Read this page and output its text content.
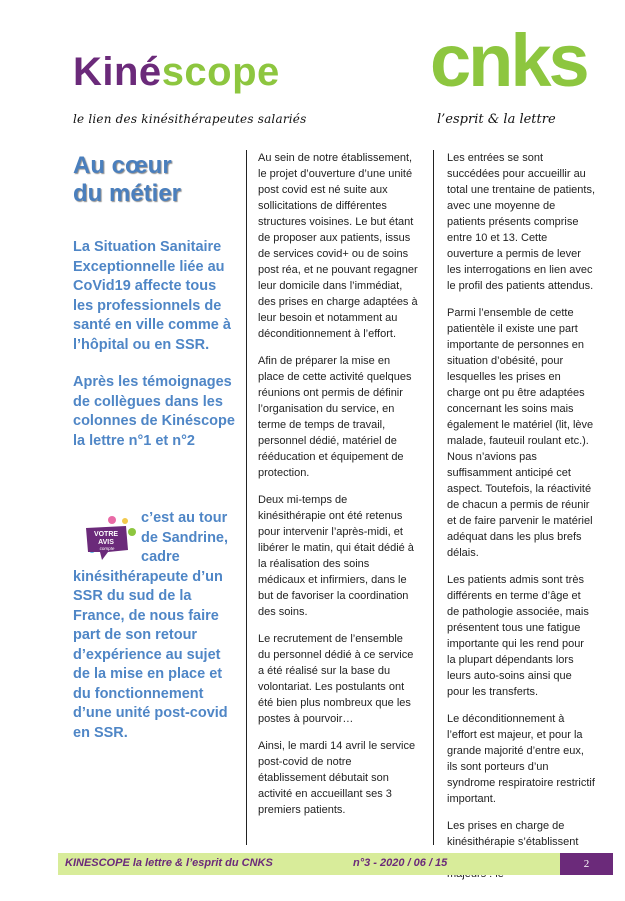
Kinéscope
le lien des kinésithérapeutes salariés
cnks
l’esprit & la lettre
Au cœur
du métier

La Situation Sanitaire Exceptionnelle liée au CoVid19 affecte tous les professionnels de santé en ville comme à l’hôpital ou en SSR.

Après les témoignages de collègues dans les colonnes de Kinéscope la lettre n°1 et n°2

VOTRE
AVIS
compte
c’est au tour
de Sandrine,
cadre
kinésithérapeute d’un SSR du sud de la France, de nous faire part de son retour d’expérience au sujet de la mise en place et du fonctionnement d’une unité post-covid en SSR.

Au sein de notre établissement, le projet d’ouverture d’une unité post covid est né suite aux sollicitations de différentes structures voisines. Le but étant de proposer aux patients, issus de services covid+ ou de soins post réa, et ne pouvant regagner leur domicile dans l’immédiat, des prises en charge adaptées à leur besoin et notamment au déconditionnement à l’effort.

Afin de préparer la mise en place de cette activité quelques réunions ont permis de définir l’organisation du service, en terme de temps de travail, personnel dédié, matériel de rééducation et équipement de protection.

Deux mi-temps de kinésithérapie ont été retenus pour intervenir l’après-midi, et libérer le matin, qui était dédié à la réalisation des soins médicaux et infirmiers, dans le but de favoriser la coordination des soins.

Le recrutement de l’ensemble du personnel dédié à ce service a été réalisé sur la base du volontariat. Les postulants ont été bien plus nombreux que les postes à pourvoir…

Ainsi, le mardi 14 avril le service post-covid de notre établissement débutait son activité en accueillant ses 3 premiers patients.

Les entrées se sont succédées pour accueillir au total une trentaine de patients, avec une moyenne de patients présents comprise entre 10 et 13. Cette ouverture a permis de lever les interrogations en lien avec le profil des patients attendus.

Parmi l’ensemble de cette patientèle il existe une part importante de personnes en situation d’obésité, pour lesquelles les prises en charge ont pu être adaptées concernant les soins mais également le matériel (lit, lève malade, fauteuil roulant etc.). Nous n’avions pas suffisamment anticipé cet aspect. Toutefois, la réactivité de chacun a permis de réunir et de faire parvenir le matériel adéquat dans les plus brefs délais.

Les patients admis sont très différents en terme d’âge et de pathologie associée, mais présentent tous une fatigue importante qui les rend pour la plupart dépendants lors leurs auto-soins ainsi que pour les transferts.

Le déconditionnement à l’effort est majeur, et pour la grande majorité d’entre eux, ils sont porteurs d’un syndrome respiratoire restrictif important.

Les prises en charge de kinésithérapie s’établissent

KINESCOPE la lettre & l’esprit du CNKS	n°3 - 2020 / 06 / 15	2
